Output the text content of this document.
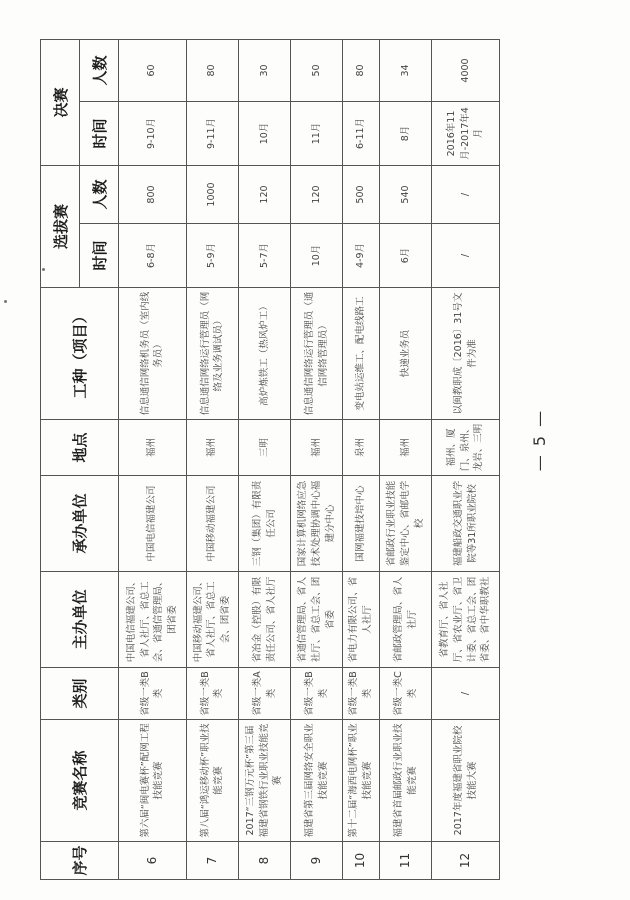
序号	竞赛名称	类别	主办单位	承办单位	地点	工种（项目）	选拔赛		决赛	
							时间	人数	时间	人数
6	第六届“闽电赛杯”配网工程技能竞赛	省级一类B类	中国电信福建公司、省人社厅、省总工会、省通信管理局、团省委	中国电信福建公司	福州	信息通信网络机务员（室内线务员）	6-8月	800	9-10月	60
7	第八届“鸿运移动杯”职业技能竞赛	省级一类B类	中国移动福建公司、省人社厅、省总工会、团省委	中国移动福建公司	福州	信息通信网络运行管理员（网络及业务调试员）	5-9月	1000	9-11月	80
8	2017“三钢万元杯”第三届福建省钢铁行业职业技能竞赛	省级一类A类	省冶金（控股）有限责任公司、省人社厅	三钢（集团）有限责任公司	三明	高炉炼铁工（热风炉工）	5-7月	120	10月	30
9	福建省第三届网络安全职业技能竞赛	省级一类B类	省通信管理局、省人社厅、省总工会、团省委	国家计算机网络应急技术处理协调中心福建分中心	福州	信息通信网络运行管理员（通信网络管理员）	10月	120	11月	50
10	第十二届“海西电网杯”职业技能竞赛	省级一类B类	省电力有限公司、省人社厅	国网福建技培中心	泉州	变电站运维工、配电线路工	4-9月	500	6-11月	80
11	福建省首届邮政行业职业技能竞赛	省级一类C类	省邮政管理局、省人社厅	省邮政行业职业技能鉴定中心、省邮电学校	福州	快递业务员	6月	540	8月	34
12	2017年度福建省职业院校技能大赛	/	省教育厅、省人社厅、省农业厅、省卫计委、省总工会、团省委、省中华职教社	福建船政交通职业学院等31所职业院校	福州、厦门、泉州、龙岩、三明	以闽教职成〔2016〕31号文件为准	/	/	2016年11月-2017年4月	4000
— 5 —
